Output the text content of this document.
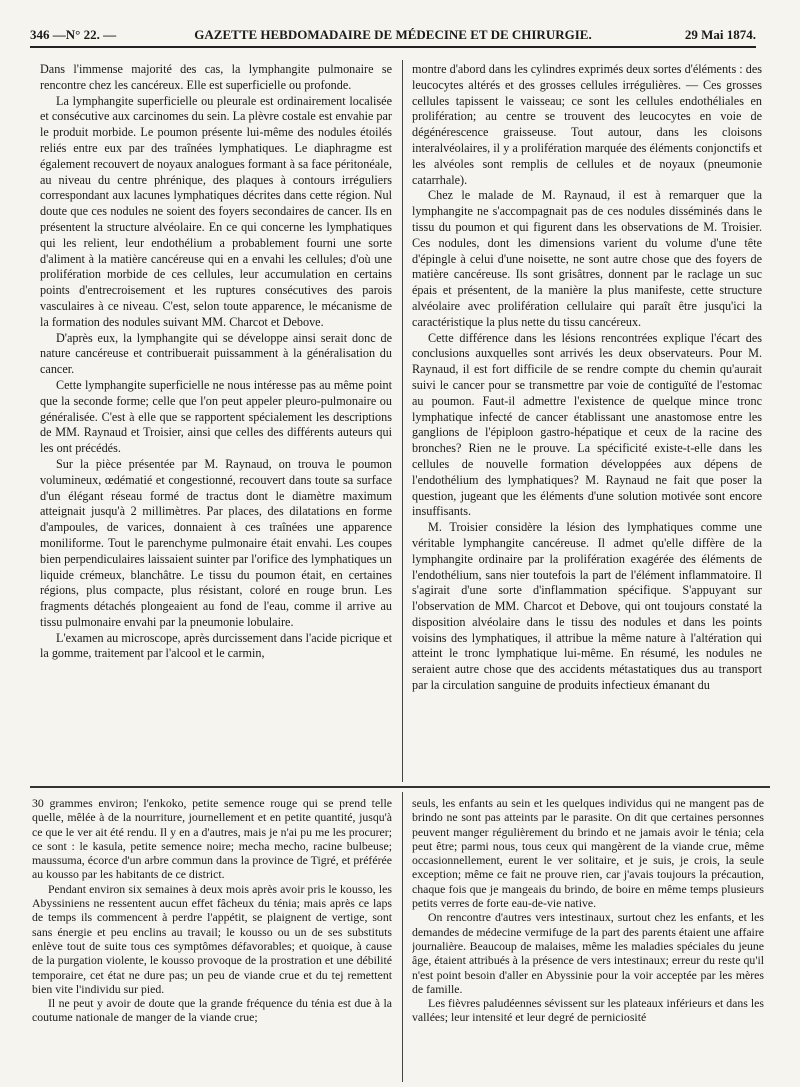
346 —N° 22. —	GAZETTE HEBDOMADAIRE DE MÉDECINE ET DE CHIRURGIE.	29 Mai 1874.

Dans l'immense majorité des cas, la lymphangite pulmonaire se rencontre chez les cancéreux. Elle est superficielle ou profonde.

La lymphangite superficielle ou pleurale est ordinairement localisée et consécutive aux carcinomes du sein. La plèvre costale est envahie par le produit morbide. Le poumon présente lui-même des nodules étoilés reliés entre eux par des traînées lymphatiques. Le diaphragme est également recouvert de noyaux analogues formant à sa face péritonéale, au niveau du centre phrénique, des plaques à contours irréguliers correspondant aux lacunes lymphatiques décrites dans cette région. Nul doute que ces nodules ne soient des foyers secondaires de cancer. Ils en présentent la structure alvéolaire. En ce qui concerne les lymphatiques qui les relient, leur endothélium a probablement fourni une sorte d'aliment à la matière cancéreuse qui en a envahi les cellules; d'où une prolifération morbide de ces cellules, leur accumulation en certains points d'entrecroisement et les ruptures consécutives des parois vasculaires à ce niveau. C'est, selon toute apparence, le mécanisme de la formation des nodules suivant MM. Charcot et Debove.

D'après eux, la lymphangite qui se développe ainsi serait donc de nature cancéreuse et contribuerait puissamment à la généralisation du cancer.

Cette lymphangite superficielle ne nous intéresse pas au même point que la seconde forme; celle que l'on peut appeler pleuro-pulmonaire ou généralisée. C'est à elle que se rapportent spécialement les descriptions de MM. Raynaud et Troisier, ainsi que celles des différents auteurs qui les ont précédés.

Sur la pièce présentée par M. Raynaud, on trouva le poumon volumineux, œdématié et congestionné, recouvert dans toute sa surface d'un élégant réseau formé de tractus dont le diamètre maximum atteignait jusqu'à 2 millimètres. Par places, des dilatations en forme d'ampoules, de varices, donnaient à ces traînées une apparence moniliforme. Tout le parenchyme pulmonaire était envahi. Les coupes bien perpendiculaires laissaient suinter par l'orifice des lymphatiques un liquide crémeux, blanchâtre. Le tissu du poumon était, en certaines régions, plus compacte, plus résistant, coloré en rouge brun. Les fragments détachés plongeaient au fond de l'eau, comme il arrive au tissu pulmonaire envahi par la pneumonie lobulaire.

L'examen au microscope, après durcissement dans l'acide picrique et la gomme, traitement par l'alcool et le carmin,

montre d'abord dans les cylindres exprimés deux sortes d'éléments : des leucocytes altérés et des grosses cellules irrégulières. — Ces grosses cellules tapissent le vaisseau; ce sont les cellules endothéliales en prolifération; au centre se trouvent des leucocytes en voie de dégénérescence graisseuse. Tout autour, dans les cloisons interalvéolaires, il y a prolifération marquée des éléments conjonctifs et les alvéoles sont remplis de cellules et de noyaux (pneumonie catarrhale).

Chez le malade de M. Raynaud, il est à remarquer que la lymphangite ne s'accompagnait pas de ces nodules disséminés dans le tissu du poumon et qui figurent dans les observations de M. Troisier. Ces nodules, dont les dimensions varient du volume d'une tête d'épingle à celui d'une noisette, ne sont autre chose que des foyers de matière cancéreuse. Ils sont grisâtres, donnent par le raclage un suc épais et présentent, de la manière la plus manifeste, cette structure alvéolaire avec prolifération cellulaire qui paraît être jusqu'ici la caractéristique la plus nette du tissu cancéreux.

Cette différence dans les lésions rencontrées explique l'écart des conclusions auxquelles sont arrivés les deux observateurs. Pour M. Raynaud, il est fort difficile de se rendre compte du chemin qu'aurait suivi le cancer pour se transmettre par voie de contiguïté de l'estomac au poumon. Faut-il admettre l'existence de quelque mince tronc lymphatique infecté de cancer établissant une anastomose entre les ganglions de l'épiploon gastro-hépatique et ceux de la racine des bronches? Rien ne le prouve. La spécificité existe-t-elle dans les cellules de nouvelle formation développées aux dépens de l'endothélium des lymphatiques? M. Raynaud ne fait que poser la question, jugeant que les éléments d'une solution motivée sont encore insuffisants.

M. Troisier considère la lésion des lymphatiques comme une véritable lymphangite cancéreuse. Il admet qu'elle diffère de la lymphangite ordinaire par la prolifération exagérée des éléments de l'endothélium, sans nier toutefois la part de l'élément inflammatoire. Il s'agirait d'une sorte d'inflammation spécifique. S'appuyant sur l'observation de MM. Charcot et Debove, qui ont toujours constaté la disposition alvéolaire dans le tissu des nodules et dans les points voisins des lymphatiques, il attribue la même nature à l'altération qui atteint le tronc lymphatique lui-même. En résumé, les nodules ne seraient autre chose que des accidents métastatiques dus au transport par la circulation sanguine de produits infectieux émanant du

30 grammes environ; l'enkoko, petite semence rouge qui se prend telle quelle, mêlée à de la nourriture, journellement et en petite quantité, jusqu'à ce que le ver ait été rendu. Il y en a d'autres, mais je n'ai pu me les procurer; ce sont : le kasula, petite semence noire; mecha mecho, racine bulbeuse; maussuma, écorce d'un arbre commun dans la province de Tigré, et préférée au kousso par les habitants de ce district.

Pendant environ six semaines à deux mois après avoir pris le kousso, les Abyssiniens ne ressentent aucun effet fâcheux du ténia; mais après ce laps de temps ils commencent à perdre l'appétit, se plaignent de vertige, sont sans énergie et peu enclins au travail; le kousso ou un de ses substituts enlève tout de suite tous ces symptômes défavorables; et quoique, à cause de la purgation violente, le kousso provoque de la prostration et une débilité temporaire, cet état ne dure pas; un peu de viande crue et du tej remettent bien vite l'individu sur pied.

Il ne peut y avoir de doute que la grande fréquence du ténia est due à la coutume nationale de manger de la viande crue;

seuls, les enfants au sein et les quelques individus qui ne mangent pas de brindo ne sont pas atteints par le parasite. On dit que certaines personnes peuvent manger régulièrement du brindo et ne jamais avoir le ténia; cela peut être; parmi nous, tous ceux qui mangèrent de la viande crue, même occasionnellement, eurent le ver solitaire, et je suis, je crois, la seule exception; même ce fait ne prouve rien, car j'avais toujours la précaution, chaque fois que je mangeais du brindo, de boire en même temps plusieurs petits verres de forte eau-de-vie native.

On rencontre d'autres vers intestinaux, surtout chez les enfants, et les demandes de médecine vermifuge de la part des parents étaient une affaire journalière. Beaucoup de malaises, même les maladies spéciales du jeune âge, étaient attribués à la présence de vers intestinaux; erreur du reste qu'il n'est point besoin d'aller en Abyssinie pour la voir acceptée par les mères de famille.

Les fièvres paludéennes sévissent sur les plateaux inférieurs et dans les vallées; leur intensité et leur degré de perniciosité
